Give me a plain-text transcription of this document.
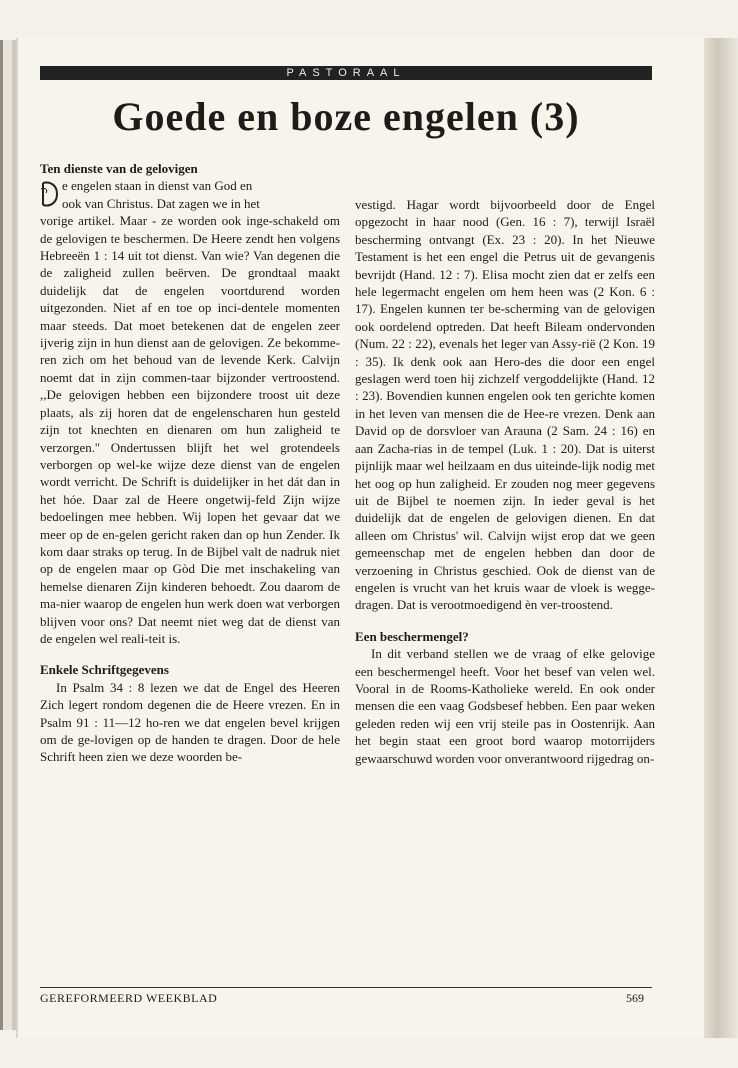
PASTORAAL
Goede en boze engelen (3)

Ten dienste van de gelovigen

e engelen staan in dienst van God en

ook van Christus. Dat zagen we in het

vorige artikel. Maar - ze worden ook inge-schakeld om de gelovigen te beschermen. De Heere zendt hen volgens Hebreeën 1 : 14 uit tot dienst. Van wie? Van degenen die de zaligheid zullen beërven. De grondtaal maakt duidelijk dat de engelen voortdurend worden uitgezonden. Niet af en toe op inci-dentele momenten maar steeds. Dat moet betekenen dat de engelen zeer ijverig zijn in hun dienst aan de gelovigen. Ze bekomme-ren zich om het behoud van de levende Kerk. Calvijn noemt dat in zijn commen-taar bijzonder vertroostend. ,,De gelovigen hebben een bijzondere troost uit deze plaats, als zij horen dat de engelenscharen hun gesteld zijn tot knechten en dienaren om hun zaligheid te verzorgen.'' Ondertussen blijft het wel grotendeels verborgen op wel-ke wijze deze dienst van de engelen wordt verricht. De Schrift is duidelijker in het dát dan in het hóe. Daar zal de Heere ongetwij-feld Zijn wijze bedoelingen mee hebben. Wij lopen het gevaar dat we meer op de en-gelen gericht raken dan op hun Zender. Ik kom daar straks op terug. In de Bijbel valt de nadruk niet op de engelen maar op Gòd Die met inschakeling van hemelse dienaren Zijn kinderen behoedt. Zou daarom de ma-nier waarop de engelen hun werk doen wat verborgen blijven voor ons? Dat neemt niet weg dat de dienst van de engelen wel reali-teit is.

Enkele Schriftgegevens

In Psalm 34 : 8 lezen we dat de Engel des Heeren Zich legert rondom degenen die de Heere vrezen. En in Psalm 91 : 11—12 ho-ren we dat engelen bevel krijgen om de ge-lovigen op de handen te dragen. Door de hele Schrift heen zien we deze woorden be-

vestigd. Hagar wordt bijvoorbeeld door de Engel opgezocht in haar nood (Gen. 16 : 7), terwijl Israël bescherming ontvangt (Ex. 23 : 20). In het Nieuwe Testament is het een engel die Petrus uit de gevangenis bevrijdt (Hand. 12 : 7). Elisa mocht zien dat er zelfs een hele legermacht engelen om hem heen was (2 Kon. 6 : 17). Engelen kunnen ter be-scherming van de gelovigen ook oordelend optreden. Dat heeft Bileam ondervonden (Num. 22 : 22), evenals het leger van Assy-rië (2 Kon. 19 : 35). Ik denk ook aan Hero-des die door een engel geslagen werd toen hij zichzelf vergoddelijkte (Hand. 12 : 23). Bovendien kunnen engelen ook ten gerichte komen in het leven van mensen die de Hee-re vrezen. Denk aan David op de dorsvloer van Arauna (2 Sam. 24 : 16) en aan Zacha-rias in de tempel (Luk. 1 : 20). Dat is uiterst pijnlijk maar wel heilzaam en dus uiteinde-lijk nodig met het oog op hun zaligheid. Er zouden nog meer gegevens uit de Bijbel te noemen zijn. In ieder geval is het duidelijk dat de engelen de gelovigen dienen. En dat alleen om Christus' wil. Calvijn wijst erop dat we geen gemeenschap met de engelen hebben dan door de verzoening in Christus geschied. Ook de dienst van de engelen is vrucht van het kruis waar de vloek is wegge-dragen. Dat is verootmoedigend èn ver-troostend.

Een beschermengel?

In dit verband stellen we de vraag of elke gelovige een beschermengel heeft. Voor het besef van velen wel. Vooral in de Rooms-Katholieke wereld. En ook onder mensen die een vaag Godsbesef hebben. Een paar weken geleden reden wij een vrij steile pas in Oostenrijk. Aan het begin staat een groot bord waarop motorrijders gewaarschuwd worden voor onverantwoord rijgedrag on-

GEREFORMEERD WEEKBLAD	569
